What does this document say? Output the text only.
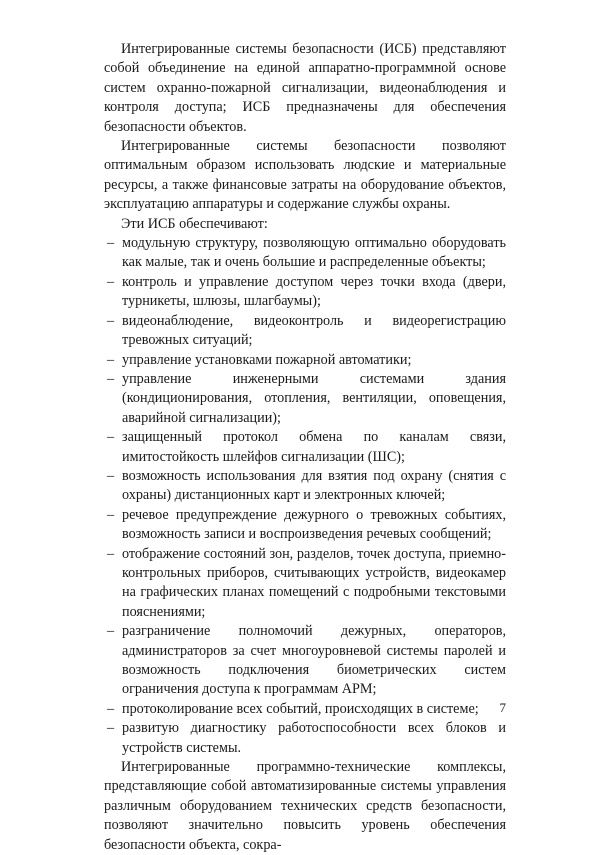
Интегрированные системы безопасности (ИСБ) представляют собой объединение на единой аппаратно-программной основе систем охранно-пожарной сигнализации, видеонаблюдения и контроля доступа; ИСБ предназначены для обеспечения безопасности объектов.

Интегрированные системы безопасности позволяют оптимальным образом использовать людские и материальные ресурсы, а также финансовые затраты на оборудование объектов, эксплуатацию аппаратуры и содержание службы охраны.

Эти ИСБ обеспечивают:

– модульную структуру, позволяющую оптимально оборудовать как малые, так и очень большие и распределенные объекты;
– контроль и управление доступом через точки входа (двери, турникеты, шлюзы, шлагбаумы);
– видеонаблюдение, видеоконтроль и видеорегистрацию тревожных ситуаций;
– управление установками пожарной автоматики;
– управление инженерными системами здания (кондиционирования, отопления, вентиляции, оповещения, аварийной сигнализации);
– защищенный протокол обмена по каналам связи, имитостойкость шлейфов сигнализации (ШС);
– возможность использования для взятия под охрану (снятия с охраны) дистанционных карт и электронных ключей;
– речевое предупреждение дежурного о тревожных событиях, возможность записи и воспроизведения речевых сообщений;
– отображение состояний зон, разделов, точек доступа, приемно-контрольных приборов, считывающих устройств, видеокамер на графических планах помещений с подробными текстовыми пояснениями;
– разграничение полномочий дежурных, операторов, администраторов за счет многоуровневой системы паролей и возможность подключения биометрических систем ограничения доступа к программам АРМ;
– протоколирование всех событий, происходящих в системе;
– развитую диагностику работоспособности всех блоков и устройств системы.

Интегрированные программно-технические комплексы, представляющие собой автоматизированные системы управления различным оборудованием технических средств безопасности, позволяют значительно повысить уровень обеспечения безопасности объекта, сокра-

7
